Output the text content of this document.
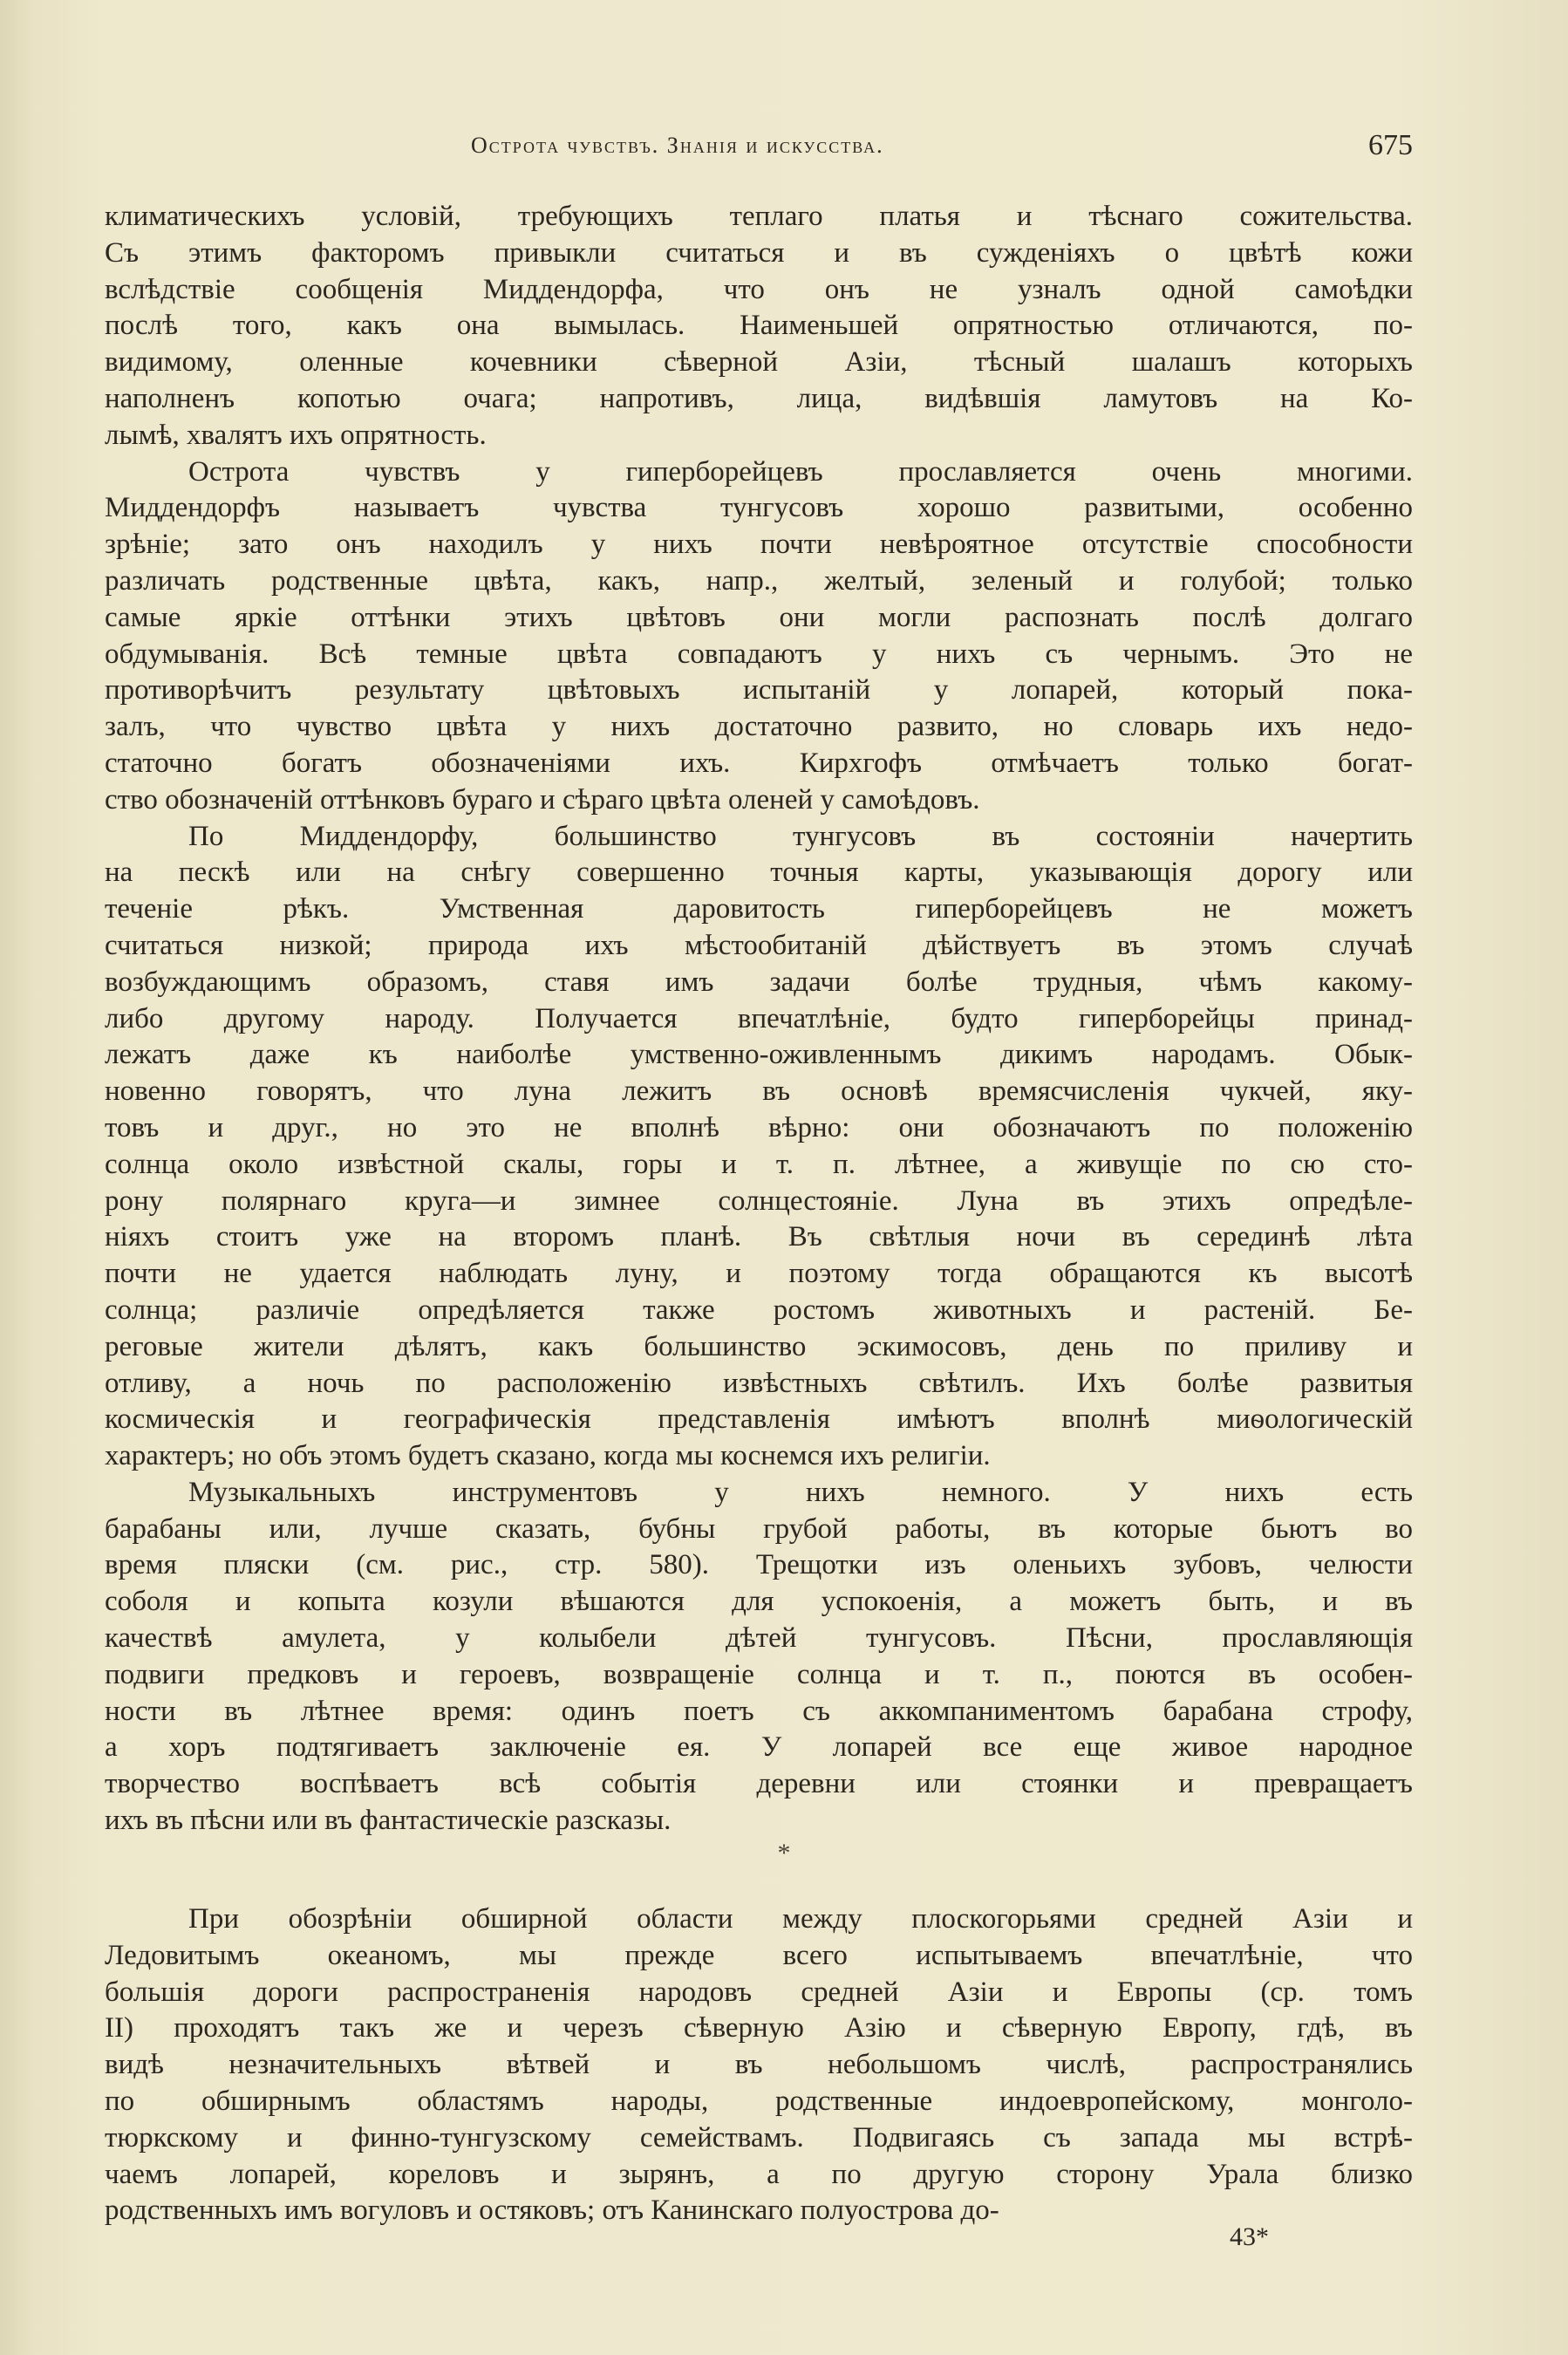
Острота чувствъ. Знанія и искусства.	675
климатическихъ условій, требующихъ теплаго платья и тѣснаго сожительства.
Съ этимъ факторомъ привыкли считаться и въ сужденіяхъ о цвѣтѣ кожи
вслѣдствіе сообщенія Миддендорфа, что онъ не узналъ одной самоѣдки
послѣ того, какъ она вымылась. Наименьшей опрятностью отличаются, по-
видимому, оленные кочевники сѣверной Азіи, тѣсный шалашъ которыхъ
наполненъ копотью очага; напротивъ, лица, видѣвшія ламутовъ на Ко-
лымѣ, хвалятъ ихъ опрятность.
Острота чувствъ у гиперборейцевъ прославляется очень многими.
Миддендорфъ называетъ чувства тунгусовъ хорошо развитыми, особенно
зрѣніе; зато онъ находилъ у нихъ почти невѣроятное отсутствіе способности
различать родственные цвѣта, какъ, напр., желтый, зеленый и голубой; только
самые яркіе оттѣнки этихъ цвѣтовъ они могли распознать послѣ долгаго
обдумыванія. Всѣ темные цвѣта совпадаютъ у нихъ съ чернымъ. Это не
противорѣчитъ результату цвѣтовыхъ испытаній у лопарей, который пока-
залъ, что чувство цвѣта у нихъ достаточно развито, но словарь ихъ недо-
статочно богатъ обозначеніями ихъ. Кирхгофъ отмѣчаетъ только богат-
ство обозначеній оттѣнковъ бураго и сѣраго цвѣта оленей у самоѣдовъ.
По Миддендорфу, большинство тунгусовъ въ состояніи начертить
на пескѣ или на снѣгу совершенно точныя карты, указывающія дорогу или
теченіе рѣкъ. Умственная даровитость гиперборейцевъ не можетъ
считаться низкой; природа ихъ мѣстообитаній дѣйствуетъ въ этомъ случаѣ
возбуждающимъ образомъ, ставя имъ задачи болѣе трудныя, чѣмъ какому-
либо другому народу. Получается впечатлѣніе, будто гиперборейцы принад-
лежатъ даже къ наиболѣе умственно-оживленнымъ дикимъ народамъ. Обык-
новенно говорятъ, что луна лежитъ въ основѣ времясчисленія чукчей, яку-
товъ и друг., но это не вполнѣ вѣрно: они обозначаютъ по положенію
солнца около извѣстной скалы, горы и т. п. лѣтнее, а живущіе по сю сто-
рону полярнаго круга—и зимнее солнцестояніе. Луна въ этихъ опредѣле-
ніяхъ стоитъ уже на второмъ планѣ. Въ свѣтлыя ночи въ серединѣ лѣта
почти не удается наблюдать луну, и поэтому тогда обращаются къ высотѣ
солнца; различіе опредѣляется также ростомъ животныхъ и растеній. Бе-
реговые жители дѣлятъ, какъ большинство эскимосовъ, день по приливу и
отливу, а ночь по расположенію извѣстныхъ свѣтилъ. Ихъ болѣе развитыя
космическія и географическія представленія имѣютъ вполнѣ миѳологическій
характеръ; но объ этомъ будетъ сказано, когда мы коснемся ихъ религіи.
Музыкальныхъ инструментовъ у нихъ немного. У нихъ есть
барабаны или, лучше сказать, бубны грубой работы, въ которые бьютъ во
время пляски (см. рис., стр. 580). Трещотки изъ оленьихъ зубовъ, челюсти
соболя и копыта козули вѣшаются для успокоенія, а можетъ быть, и въ
качествѣ амулета, у колыбели дѣтей тунгусовъ. Пѣсни, прославляющія
подвиги предковъ и героевъ, возвращеніе солнца и т. п., поются въ особен-
ности въ лѣтнее время: одинъ поетъ съ аккомпаниментомъ барабана строфу,
а хоръ подтягиваетъ заключеніе ея. У лопарей все еще живое народное
творчество воспѣваетъ всѣ событія деревни или стоянки и превращаетъ
ихъ въ пѣсни или въ фантастическіе разсказы.
*
При обозрѣніи обширной области между плоскогорьями средней Азіи и
Ледовитымъ океаномъ, мы прежде всего испытываемъ впечатлѣніе, что
большія дороги распространенія народовъ средней Азіи и Европы (ср. томъ
II) проходятъ такъ же и черезъ сѣверную Азію и сѣверную Европу, гдѣ, въ
видѣ незначительныхъ вѣтвей и въ небольшомъ числѣ, распространялись
по обширнымъ областямъ народы, родственные индоевропейскому, монголо-
тюркскому и финно-тунгузскому семействамъ. Подвигаясь съ запада мы встрѣ-
чаемъ лопарей, кореловъ и зырянъ, а по другую сторону Урала близко
родственныхъ имъ вогуловъ и остяковъ; отъ Канинскаго полуострова до-
43*
